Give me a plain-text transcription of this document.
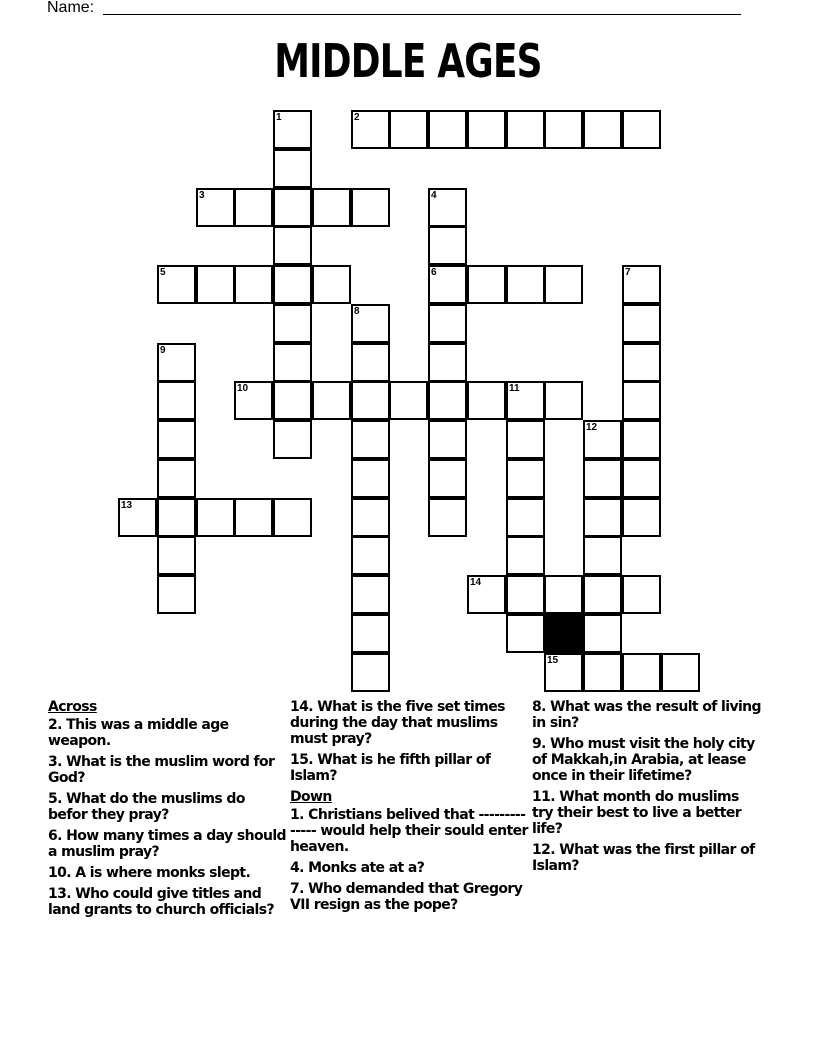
Name:
MIDDLE AGES
1	2
3	4
6
5	7
8
9
10	11
12
13
14
15
Across
2. This was a middle age weapon.
3. What is the muslim word for God?
5. What do the muslims do befor they pray?
6. How many times a day should a muslim pray?
10. A is where monks slept.
13. Who could give titles and land grants to church officials?
14. What is the five set times during the day that muslims must pray?
15. What is he fifth pillar of Islam?
Down
1. Christians belived that -------------- would help their sould enter heaven.
4. Monks ate at a?
7. Who demanded that Gregory VII resign as the pope?
8. What was the result of living in sin?
9. Who must visit the holy city of Makkah,in Arabia, at lease once in their lifetime?
11. What month do muslims try their best to live a better life?
12. What was the first pillar of Islam?
